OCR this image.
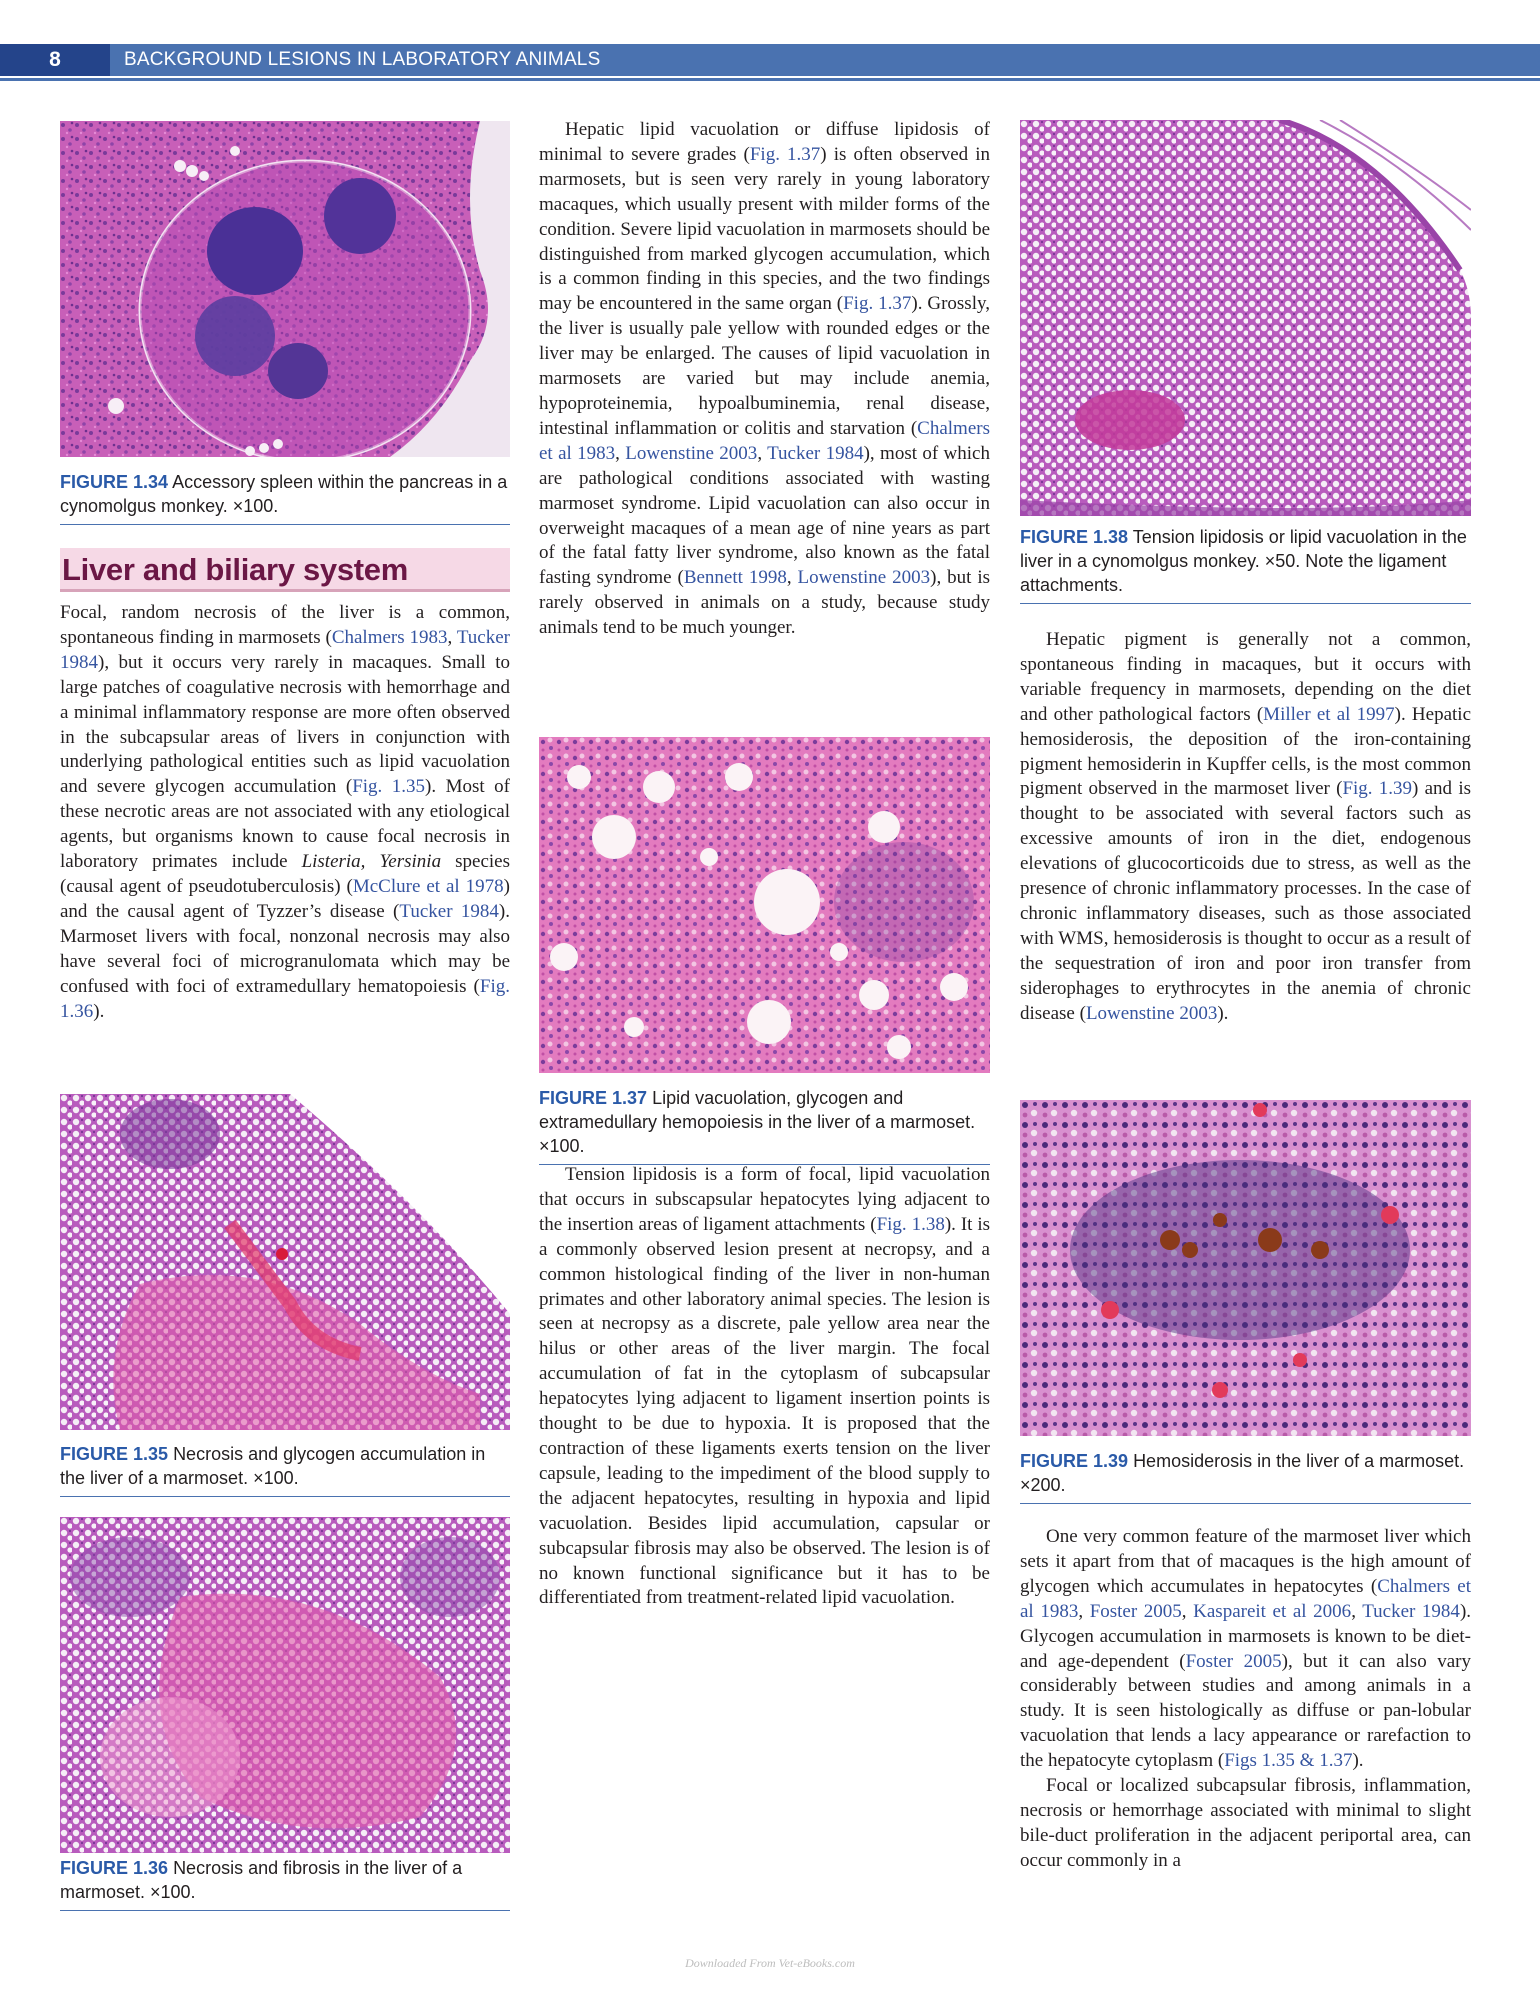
8	BACKGROUND LESIONS IN LABORATORY ANIMALS
FIGURE 1.34 Accessory spleen within the pancreas in a cynomolgus monkey. ×100.
Liver and biliary system

Focal, random necrosis of the liver is a common, spontaneous finding in marmosets (Chalmers 1983, Tucker 1984), but it occurs very rarely in macaques. Small to large patches of coagulative necrosis with hemorrhage and a minimal inflammatory response are more often observed in the subcapsular areas of livers in conjunction with underlying pathological entities such as lipid vacuolation and severe glycogen accumulation (Fig. 1.35). Most of these necrotic areas are not associated with any etiological agents, but organisms known to cause focal necrosis in laboratory primates include Listeria, Yersinia species (causal agent of pseudotuberculosis) (McClure et al 1978) and the causal agent of Tyzzer’s disease (Tucker 1984). Marmoset livers with focal, nonzonal necrosis may also have several foci of microgranulomata which may be confused with foci of extramedullary hematopoiesis (Fig. 1.36).

FIGURE 1.35 Necrosis and glycogen accumulation in the liver of a marmoset. ×100.
FIGURE 1.36 Necrosis and fibrosis in the liver of a marmoset. ×100.

Hepatic lipid vacuolation or diffuse lipidosis of minimal to severe grades (Fig. 1.37) is often observed in marmosets, but is seen very rarely in young laboratory macaques, which usually present with milder forms of the condition. Severe lipid vacuolation in marmosets should be distinguished from marked glycogen accumulation, which is a common finding in this species, and the two findings may be encountered in the same organ (Fig. 1.37). Grossly, the liver is usually pale yellow with rounded edges or the liver may be enlarged. The causes of lipid vacuolation in marmosets are varied but may include anemia, hypoproteinemia, hypoalbuminemia, renal disease, intestinal inflammation or colitis and starvation (Chalmers et al 1983, Lowenstine 2003, Tucker 1984), most of which are pathological conditions associated with wasting marmoset syndrome. Lipid vacuolation can also occur in overweight macaques of a mean age of nine years as part of the fatal fatty liver syndrome, also known as the fatal fasting syndrome (Bennett 1998, Lowenstine 2003), but is rarely observed in animals on a study, because study animals tend to be much younger.

FIGURE 1.37 Lipid vacuolation, glycogen and extramedullary hemopoiesis in the liver of a marmoset. ×100.

Tension lipidosis is a form of focal, lipid vacuolation that occurs in subscapsular hepatocytes lying adjacent to the insertion areas of ligament attachments (Fig. 1.38). It is a commonly observed lesion present at necropsy, and a common histological finding of the liver in non-human primates and other laboratory animal species. The lesion is seen at necropsy as a discrete, pale yellow area near the hilus or other areas of the liver margin. The focal accumulation of fat in the cytoplasm of subcapsular hepatocytes lying adjacent to ligament insertion points is thought to be due to hypoxia. It is proposed that the contraction of these ligaments exerts tension on the liver capsule, leading to the impediment of the blood supply to the adjacent hepatocytes, resulting in hypoxia and lipid vacuolation. Besides lipid accumulation, capsular or subcapsular fibrosis may also be observed. The lesion is of no known functional significance but it has to be differentiated from treatment-related lipid vacuolation.

FIGURE 1.38 Tension lipidosis or lipid vacuolation in the liver in a cynomolgus monkey. ×50. Note the ligament attachments.

Hepatic pigment is generally not a common, spontaneous finding in macaques, but it occurs with variable frequency in marmosets, depending on the diet and other pathological factors (Miller et al 1997). Hepatic hemosiderosis, the deposition of the iron-containing pigment hemosiderin in Kupffer cells, is the most common pigment observed in the marmoset liver (Fig. 1.39) and is thought to be associated with several factors such as excessive amounts of iron in the diet, endogenous elevations of glucocorticoids due to stress, as well as the presence of chronic inflammatory processes. In the case of chronic inflammatory diseases, such as those associated with WMS, hemosiderosis is thought to occur as a result of the sequestration of iron and poor iron transfer from siderophages to erythrocytes in the anemia of chronic disease (Lowenstine 2003).

FIGURE 1.39 Hemosiderosis in the liver of a marmoset. ×200.

One very common feature of the marmoset liver which sets it apart from that of macaques is the high amount of glycogen which accumulates in hepatocytes (Chalmers et al 1983, Foster 2005, Kaspareit et al 2006, Tucker 1984). Glycogen accumulation in marmosets is known to be diet- and age-dependent (Foster 2005), but it can also vary considerably between studies and among animals in a study. It is seen histologically as diffuse or pan-lobular vacuolation that lends a lacy appearance or rarefaction to the hepatocyte cytoplasm (Figs 1.35 & 1.37).

Focal or localized subcapsular fibrosis, inflammation, necrosis or hemorrhage associated with minimal to slight bile-duct proliferation in the adjacent periportal area, can occur commonly in a

Downloaded From Vet-eBooks.com
